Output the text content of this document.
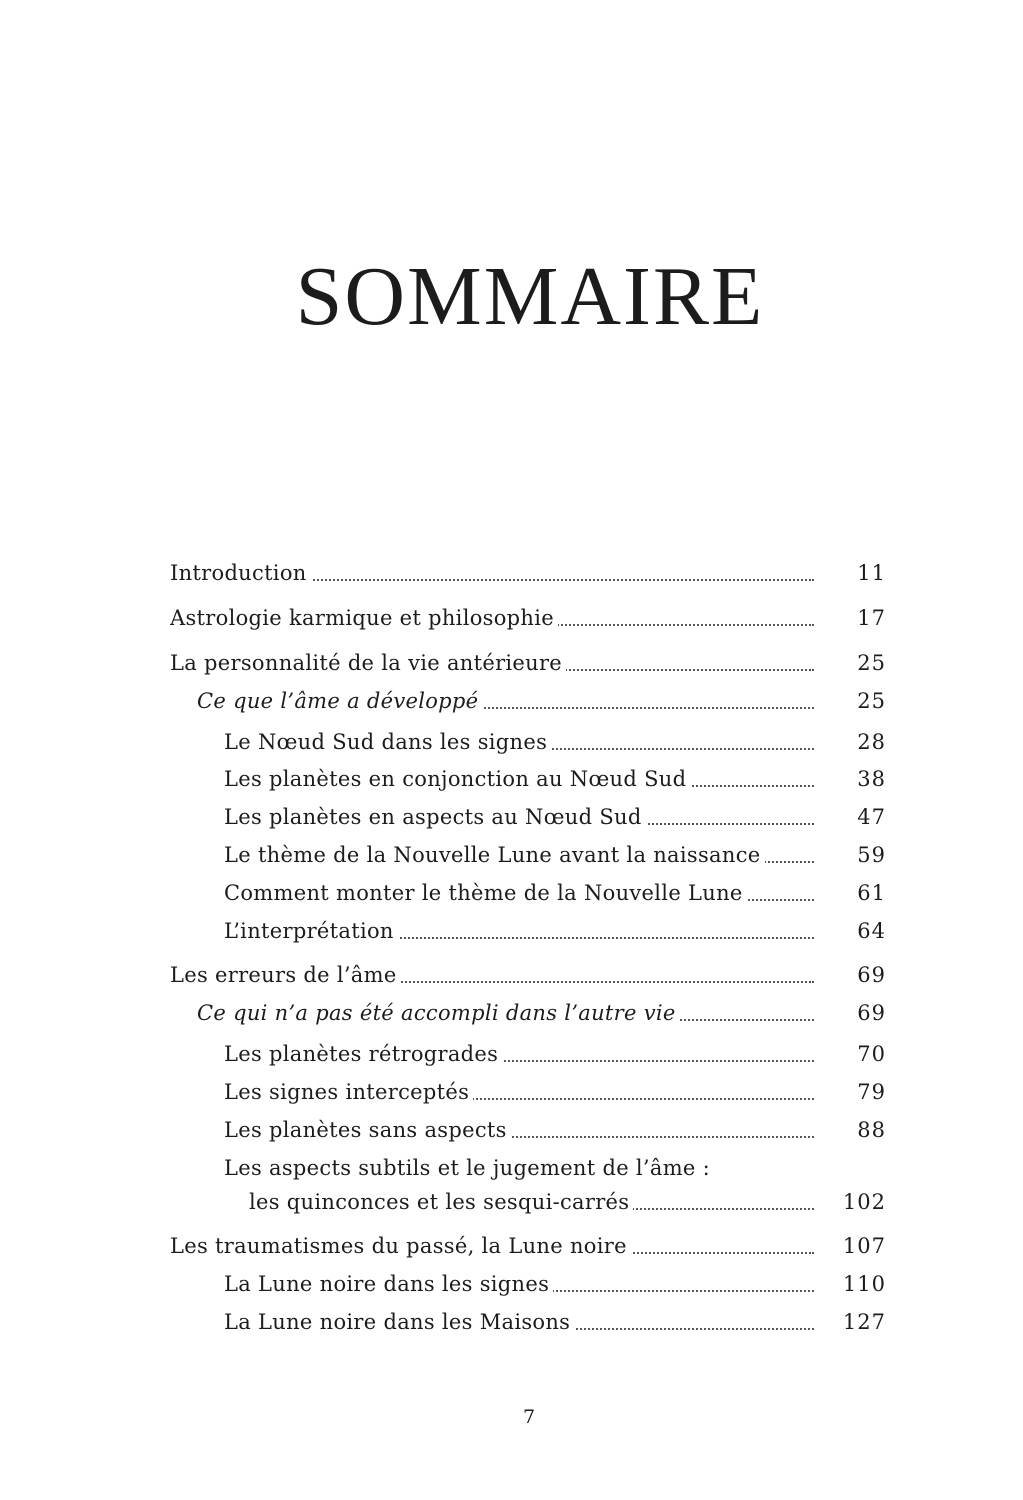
SOMMAIRE
Introduction	11
Astrologie karmique et philosophie	17
La personnalité de la vie antérieure	25
Ce que l’âme a développé	25
Le Nœud Sud dans les signes	28
Les planètes en conjonction au Nœud Sud	38
Les planètes en aspects au Nœud Sud	47
Le thème de la Nouvelle Lune avant la naissance	59
Comment monter le thème de la Nouvelle Lune	61
L’interprétation	64
Les erreurs de l’âme	69
Ce qui n’a pas été accompli dans l’autre vie	69
Les planètes rétrogrades	70
Les signes interceptés	79
Les planètes sans aspects	88
Les aspects subtils et le jugement de l’âme :
les quinconces et les sesqui-carrés	102
Les traumatismes du passé, la Lune noire	107
La Lune noire dans les signes	110
La Lune noire dans les Maisons	127
7
